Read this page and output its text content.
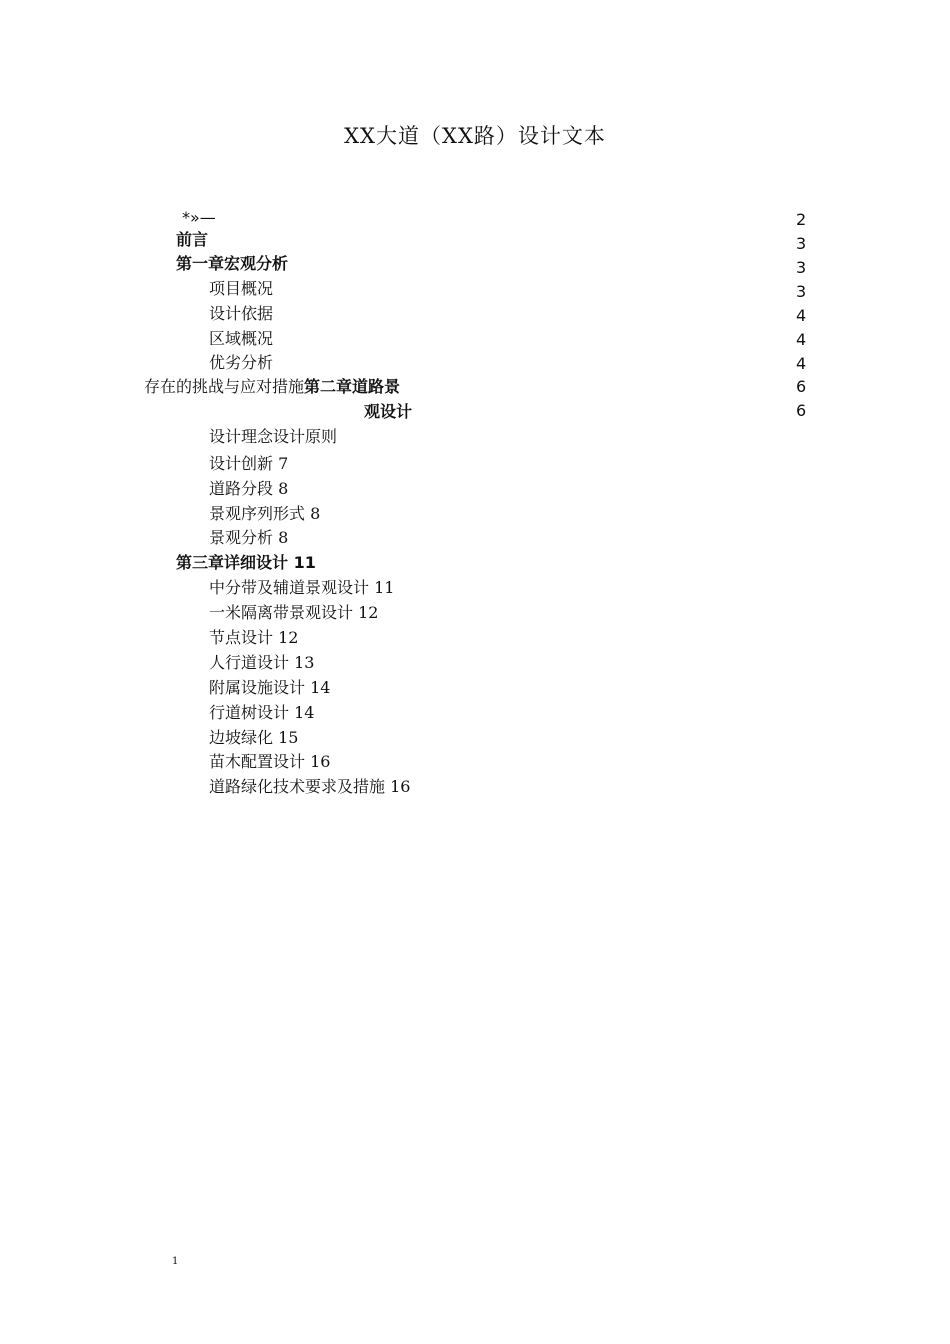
XX大道（XX路）设计文本
*»—
前言
第一章宏观分析
项目概况
设计依据
区域概况
优劣分析
存在的挑战与应对措施第二章道路景
观设计
设计理念设计原则
设计创新 7
道路分段 8
景观序列形式 8
景观分析 8
第三章详细设计 11
中分带及辅道景观设计 11
一米隔离带景观设计 12
节点设计 12
人行道设计 13
附属设施设计 14
行道树设计 14
边坡绿化 15
苗木配置设计 16
道路绿化技术要求及措施 16
2
3
3
3
4
4
4
6
6
1
